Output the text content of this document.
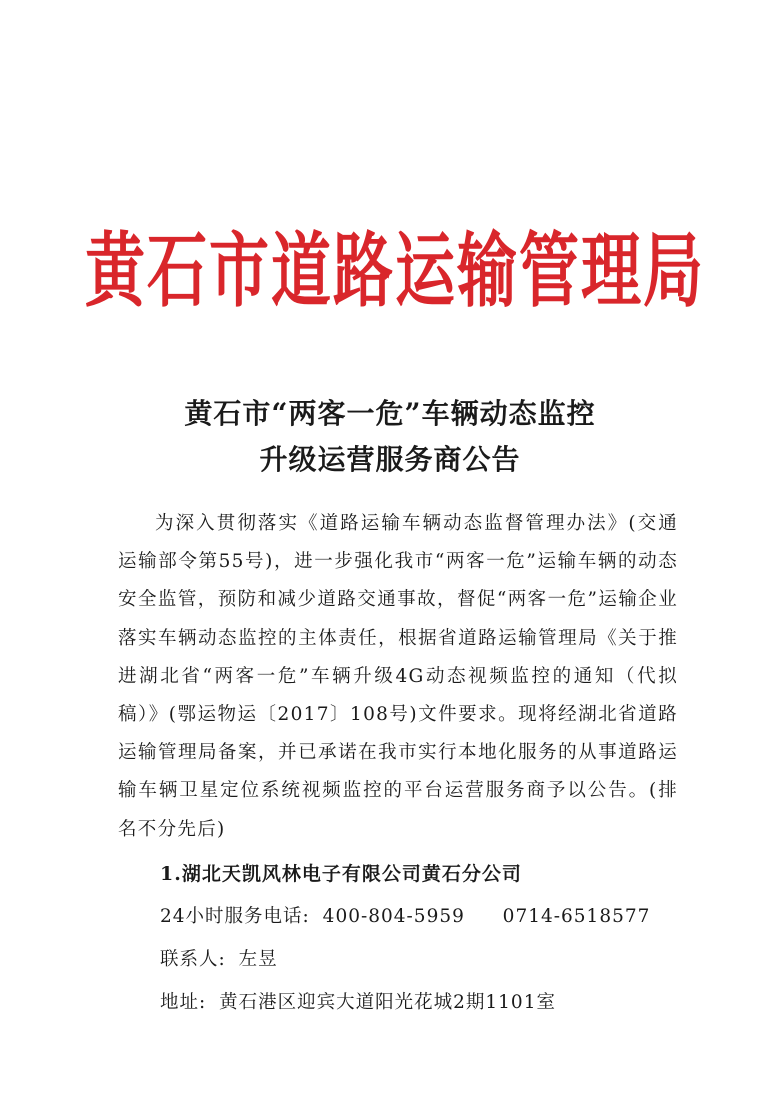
黄石市道路运输管理局
黄石市“两客一危”车辆动态监控
升级运营服务商公告

为深入贯彻落实《道路运输车辆动态监督管理办法》(交通运输部令第55号)，进一步强化我市“两客一危”运输车辆的动态安全监管，预防和减少道路交通事故，督促“两客一危”运输企业落实车辆动态监控的主体责任，根据省道路运输管理局《关于推进湖北省“两客一危”车辆升级4G动态视频监控的通知（代拟稿）》(鄂运物运〔2017〕108号)文件要求。现将经湖北省道路运输管理局备案，并已承诺在我市实行本地化服务的从事道路运输车辆卫星定位系统视频监控的平台运营服务商予以公告。(排名不分先后)

1.湖北天凯风林电子有限公司黄石分公司
24小时服务电话: 400-804-5959 0714-6518577
联系人: 左昱
地址: 黄石港区迎宾大道阳光花城2期1101室
